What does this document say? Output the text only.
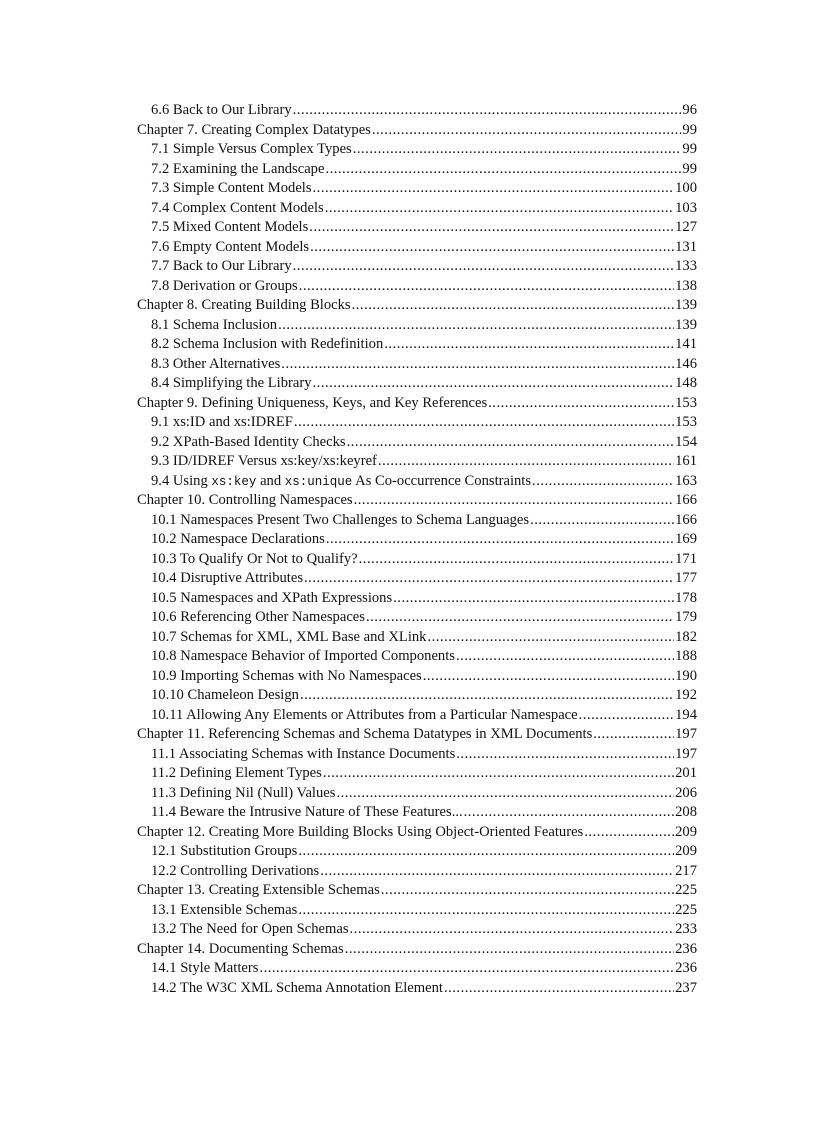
6.6 Back to Our Library .....	96
Chapter 7. Creating Complex Datatypes .....	99
7.1 Simple Versus Complex Types .....	99
7.2 Examining the Landscape .....	99
7.3 Simple Content Models .....	100
7.4 Complex Content Models .....	103
7.5 Mixed Content Models .....	127
7.6 Empty Content Models .....	131
7.7 Back to Our Library .....	133
7.8 Derivation or Groups .....	138
Chapter 8. Creating Building Blocks .....	139
8.1 Schema Inclusion .....	139
8.2 Schema Inclusion with Redefinition .....	141
8.3 Other Alternatives .....	146
8.4 Simplifying the Library .....	148
Chapter 9. Defining Uniqueness, Keys, and Key References .....	153
9.1 xs:ID and xs:IDREF .....	153
9.2 XPath-Based Identity Checks .....	154
9.3 ID/IDREF Versus xs:key/xs:keyref .....	161
9.4 Using xs:key and xs:unique As Co-occurrence Constraints .....	163
Chapter 10. Controlling Namespaces .....	166
10.1 Namespaces Present Two Challenges to Schema Languages .....	166
10.2 Namespace Declarations .....	169
10.3 To Qualify Or Not to Qualify? .....	171
10.4 Disruptive Attributes .....	177
10.5 Namespaces and XPath Expressions .....	178
10.6 Referencing Other Namespaces .....	179
10.7 Schemas for XML, XML Base and XLink .....	182
10.8 Namespace Behavior of Imported Components .....	188
10.9 Importing Schemas with No Namespaces .....	190
10.10 Chameleon Design .....	192
10.11 Allowing Any Elements or Attributes from a Particular Namespace .....	194
Chapter 11. Referencing Schemas and Schema Datatypes in XML Documents .....	197
11.1 Associating Schemas with Instance Documents .....	197
11.2 Defining Element Types .....	201
11.3 Defining Nil (Null) Values .....	206
11.4 Beware the Intrusive Nature of These Features... .....	208
Chapter 12. Creating More Building Blocks Using Object-Oriented Features .....	209
12.1 Substitution Groups .....	209
12.2 Controlling Derivations .....	217
Chapter 13. Creating Extensible Schemas .....	225
13.1 Extensible Schemas .....	225
13.2 The Need for Open Schemas .....	233
Chapter 14. Documenting Schemas .....	236
14.1 Style Matters .....	236
14.2 The W3C XML Schema Annotation Element .....	237
